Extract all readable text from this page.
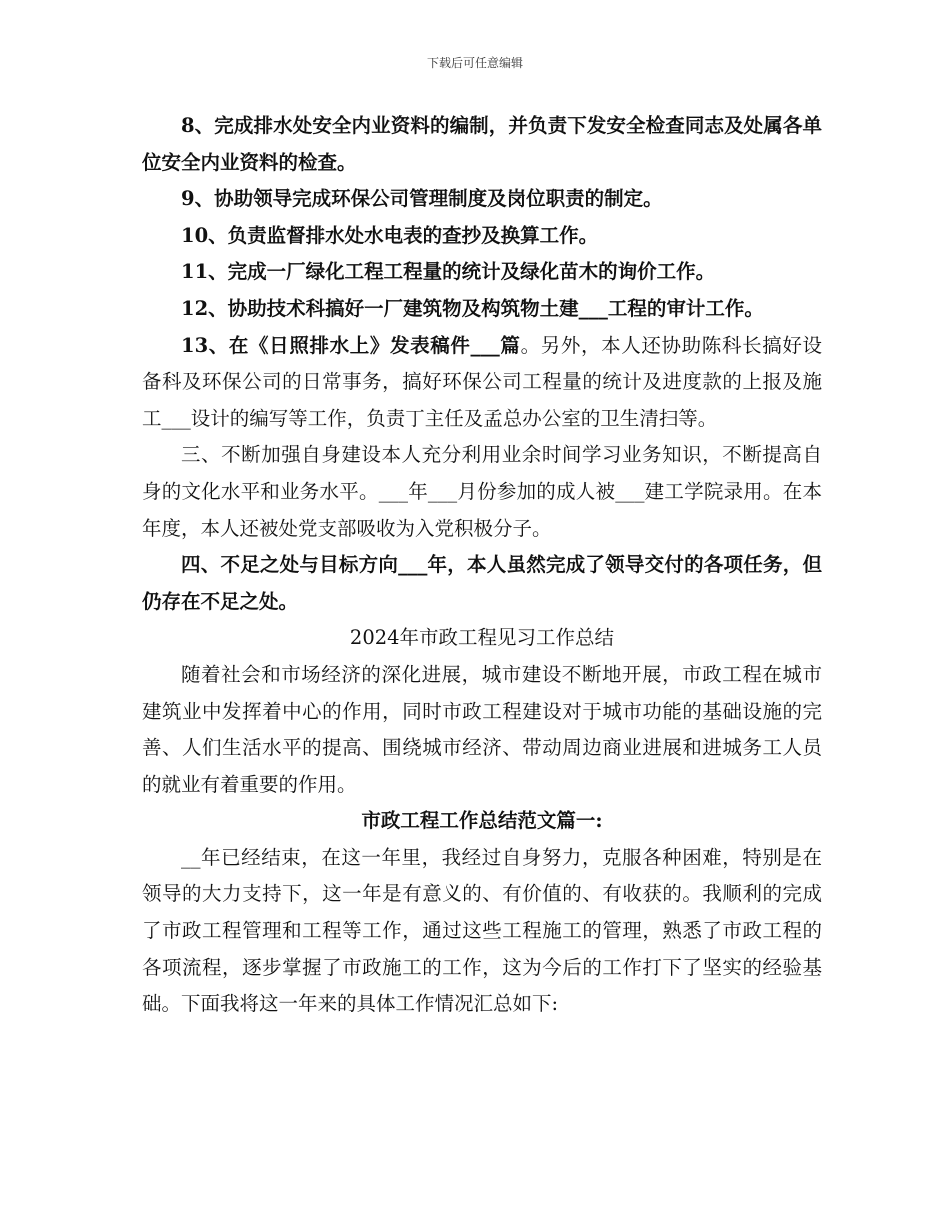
下载后可任意编辑

8、完成排水处安全内业资料的编制，并负责下发安全检查同志及处属各单位安全内业资料的检查。

9、协助领导完成环保公司管理制度及岗位职责的制定。

10、负责监督排水处水电表的查抄及换算工作。

11、完成一厂绿化工程工程量的统计及绿化苗木的询价工作。

12、协助技术科搞好一厂建筑物及构筑物土建___工程的审计工作。

13、在《日照排水上》发表稿件___篇。另外，本人还协助陈科长搞好设备科及环保公司的日常事务，搞好环保公司工程量的统计及进度款的上报及施工___设计的编写等工作，负责丁主任及孟总办公室的卫生清扫等。

三、不断加强自身建设本人充分利用业余时间学习业务知识，不断提高自身的文化水平和业务水平。___年___月份参加的成人被___建工学院录用。在本年度，本人还被处党支部吸收为入党积极分子。

四、不足之处与目标方向___年，本人虽然完成了领导交付的各项任务，但仍存在不足之处。

2024年市政工程见习工作总结

随着社会和市场经济的深化进展，城市建设不断地开展，市政工程在城市建筑业中发挥着中心的作用，同时市政工程建设对于城市功能的基础设施的完善、人们生活水平的提高、围绕城市经济、带动周边商业进展和进城务工人员的就业有着重要的作用。

市政工程工作总结范文篇一:

__年已经结束，在这一年里，我经过自身努力，克服各种困难，特别是在领导的大力支持下，这一年是有意义的、有价值的、有收获的。我顺利的完成了市政工程管理和工程等工作，通过这些工程施工的管理，熟悉了市政工程的各项流程，逐步掌握了市政施工的工作，这为今后的工作打下了坚实的经验基础。下面我将这一年来的具体工作情况汇总如下:
